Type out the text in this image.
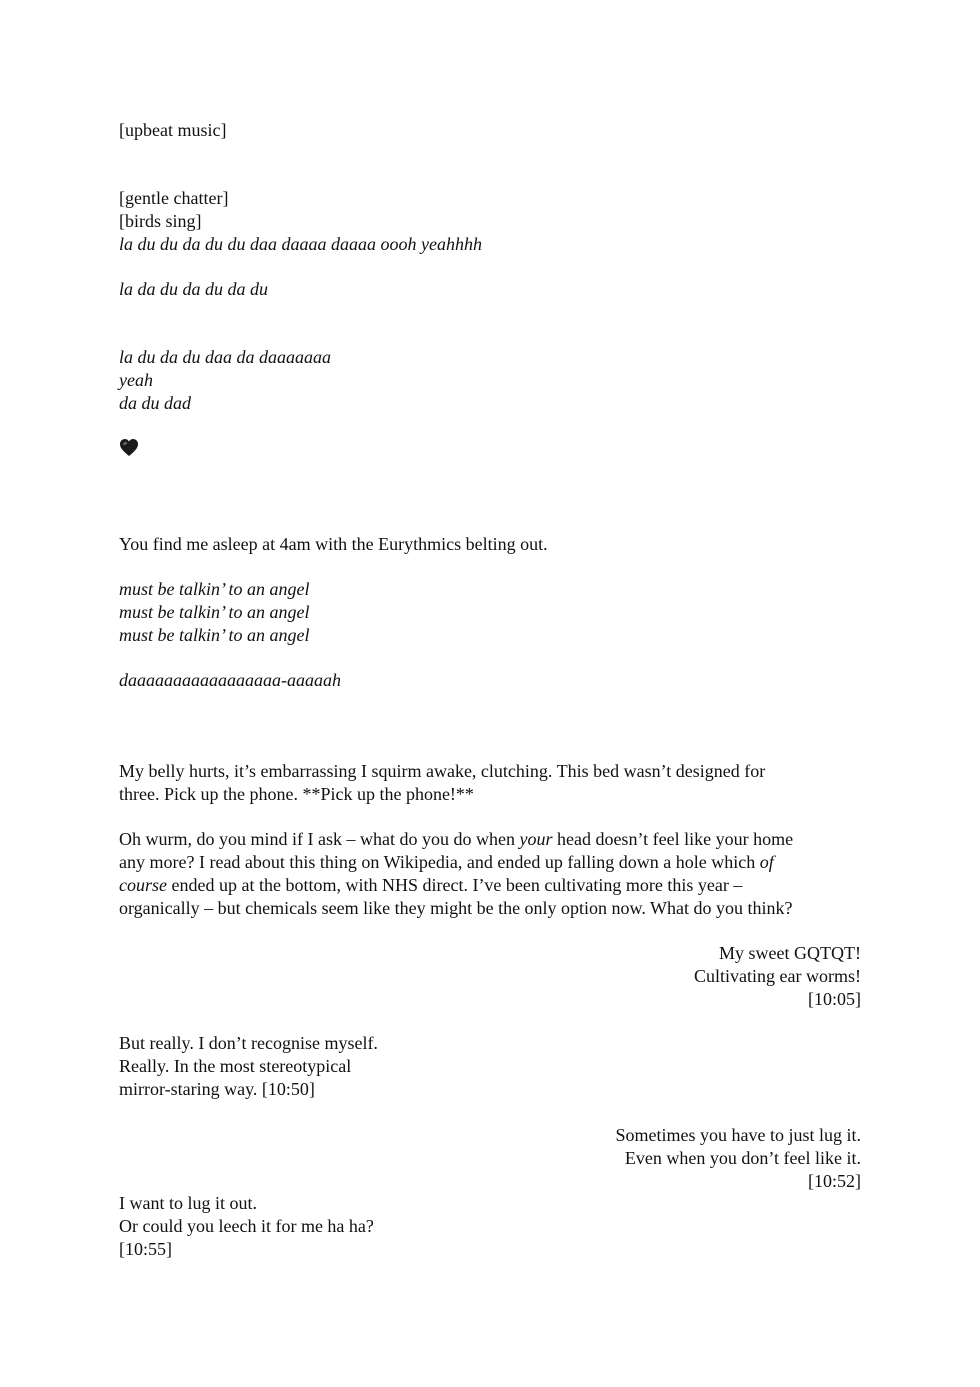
[upbeat music]
[gentle chatter]
[birds sing]
la du du da du du daa daaaa daaaa oooh yeahhhh
la da du da du da du
la du da du daa da daaaaaaa
yeah
da du dad
You find me asleep at 4am with the Eurythmics belting out.
must be talkin’ to an angel
must be talkin’ to an angel
must be talkin’ to an angel
daaaaaaaaaaaaaaaaa-aaaaah
My belly hurts, it’s embarrassing I squirm awake, clutching. This bed wasn’t designed for
three. Pick up the phone. **Pick up the phone!**
Oh wurm, do you mind if I ask – what do you do when your head doesn’t feel like your home
any more? I read about this thing on Wikipedia, and ended up falling down a hole which of
course ended up at the bottom, with NHS direct. I’ve been cultivating more this year –
organically – but chemicals seem like they might be the only option now. What do you think?
My sweet GQTQT!
Cultivating ear worms!
[10:05]
But really. I don’t recognise myself.
Really. In the most stereotypical
mirror-staring way. [10:50]
Sometimes you have to just lug it.
Even when you don’t feel like it.
[10:52]
I want to lug it out.
Or could you leech it for me ha ha?
[10:55]
